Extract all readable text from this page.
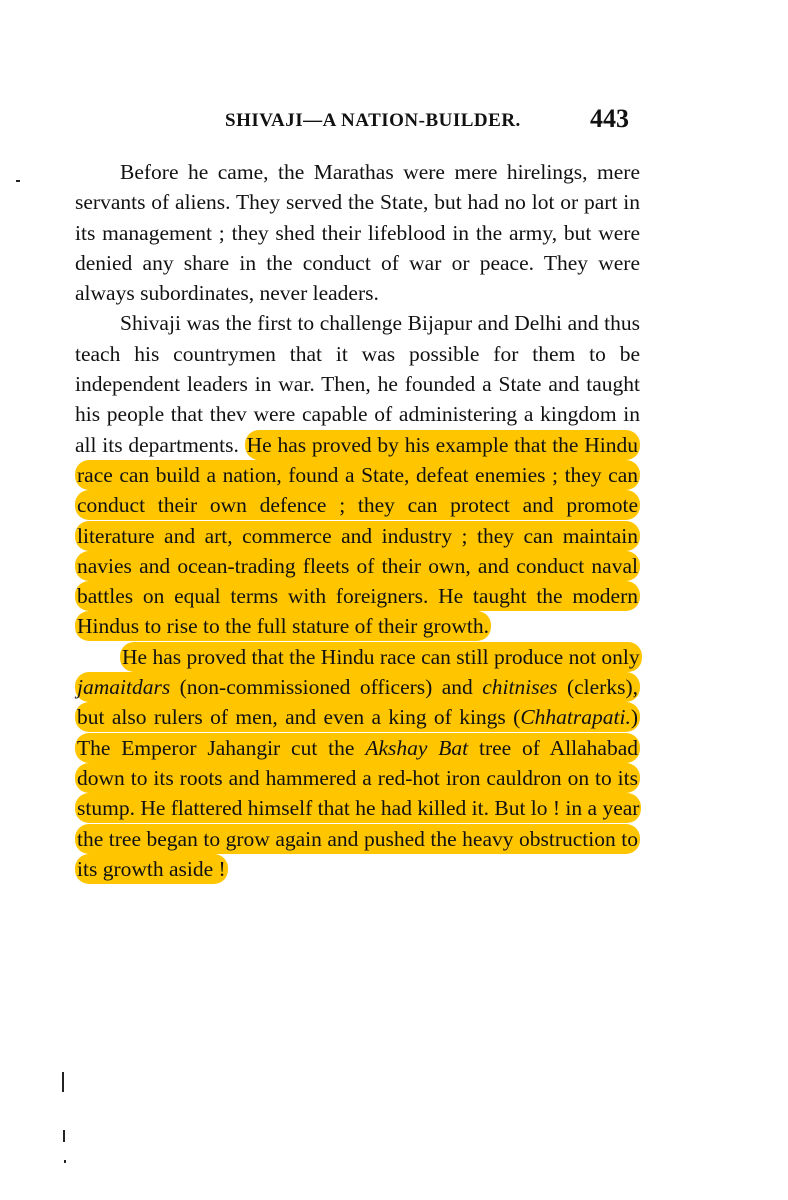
SHIVAJI—A NATION-BUILDER.	443

Before he came, the Marathas were mere hirelings, mere servants of aliens. They served the State, but had no lot or part in its management ; they shed their lifeblood in the army, but were denied any share in the conduct of war or peace. They were always subordinates, never leaders.

Shivaji was the first to challenge Bijapur and Delhi and thus teach his countrymen that it was possible for them to be independent leaders in war. Then, he founded a State and taught his people that thev were capable of administering a kingdom in all its departments. He has proved by his example that the Hindu race can build a nation, found a State, defeat enemies ; they can conduct their own defence ; they can protect and promote literature and art, commerce and industry ; they can maintain navies and ocean-trading fleets of their own, and conduct naval battles on equal terms with foreigners. He taught the modern Hindus to rise to the full stature of their growth.

He has proved that the Hindu race can still produce not only jamaitdars (non-commissioned officers) and chitnises (clerks), but also rulers of men, and even a king of kings (Chhatrapati.) The Emperor Jahangir cut the Akshay Bat tree of Allahabad down to its roots and hammered a red-hot iron cauldron on to its stump. He flattered himself that he had killed it. But lo ! in a year the tree began to grow again and pushed the heavy obstruction to its growth aside !
